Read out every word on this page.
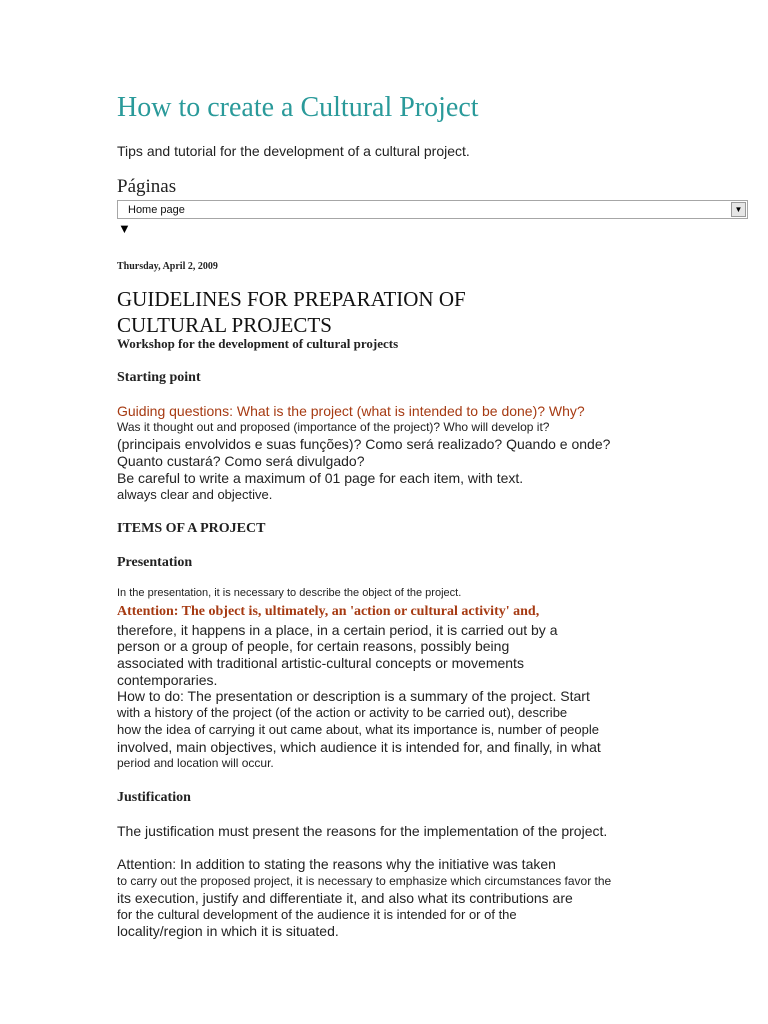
How to create a Cultural Project
Tips and tutorial for the development of a cultural project.
Páginas
Home page	▼
▼
Thursday, April 2, 2009
GUIDELINES FOR PREPARATION OF
CULTURAL PROJECTS
Workshop for the development of cultural projects
Starting point
Guiding questions: What is the project (what is intended to be done)? Why?
Was it thought out and proposed (importance of the project)? Who will develop it?
(principais envolvidos e suas funções)? Como será realizado? Quando e onde?
Quanto custará? Como será divulgado?
Be careful to write a maximum of 01 page for each item, with text.
always clear and objective.
ITEMS OF A PROJECT
Presentation
In the presentation, it is necessary to describe the object of the project.
Attention: The object is, ultimately, an 'action or cultural activity' and,
therefore, it happens in a place, in a certain period, it is carried out by a
person or a group of people, for certain reasons, possibly being
associated with traditional artistic-cultural concepts or movements
contemporaries.
How to do: The presentation or description is a summary of the project. Start
with a history of the project (of the action or activity to be carried out), describe
how the idea of carrying it out came about, what its importance is, number of people
involved, main objectives, which audience it is intended for, and finally, in what
period and location will occur.
Justification
The justification must present the reasons for the implementation of the project.
Attention: In addition to stating the reasons why the initiative was taken
to carry out the proposed project, it is necessary to emphasize which circumstances favor the
its execution, justify and differentiate it, and also what its contributions are
for the cultural development of the audience it is intended for or of the
locality/region in which it is situated.
